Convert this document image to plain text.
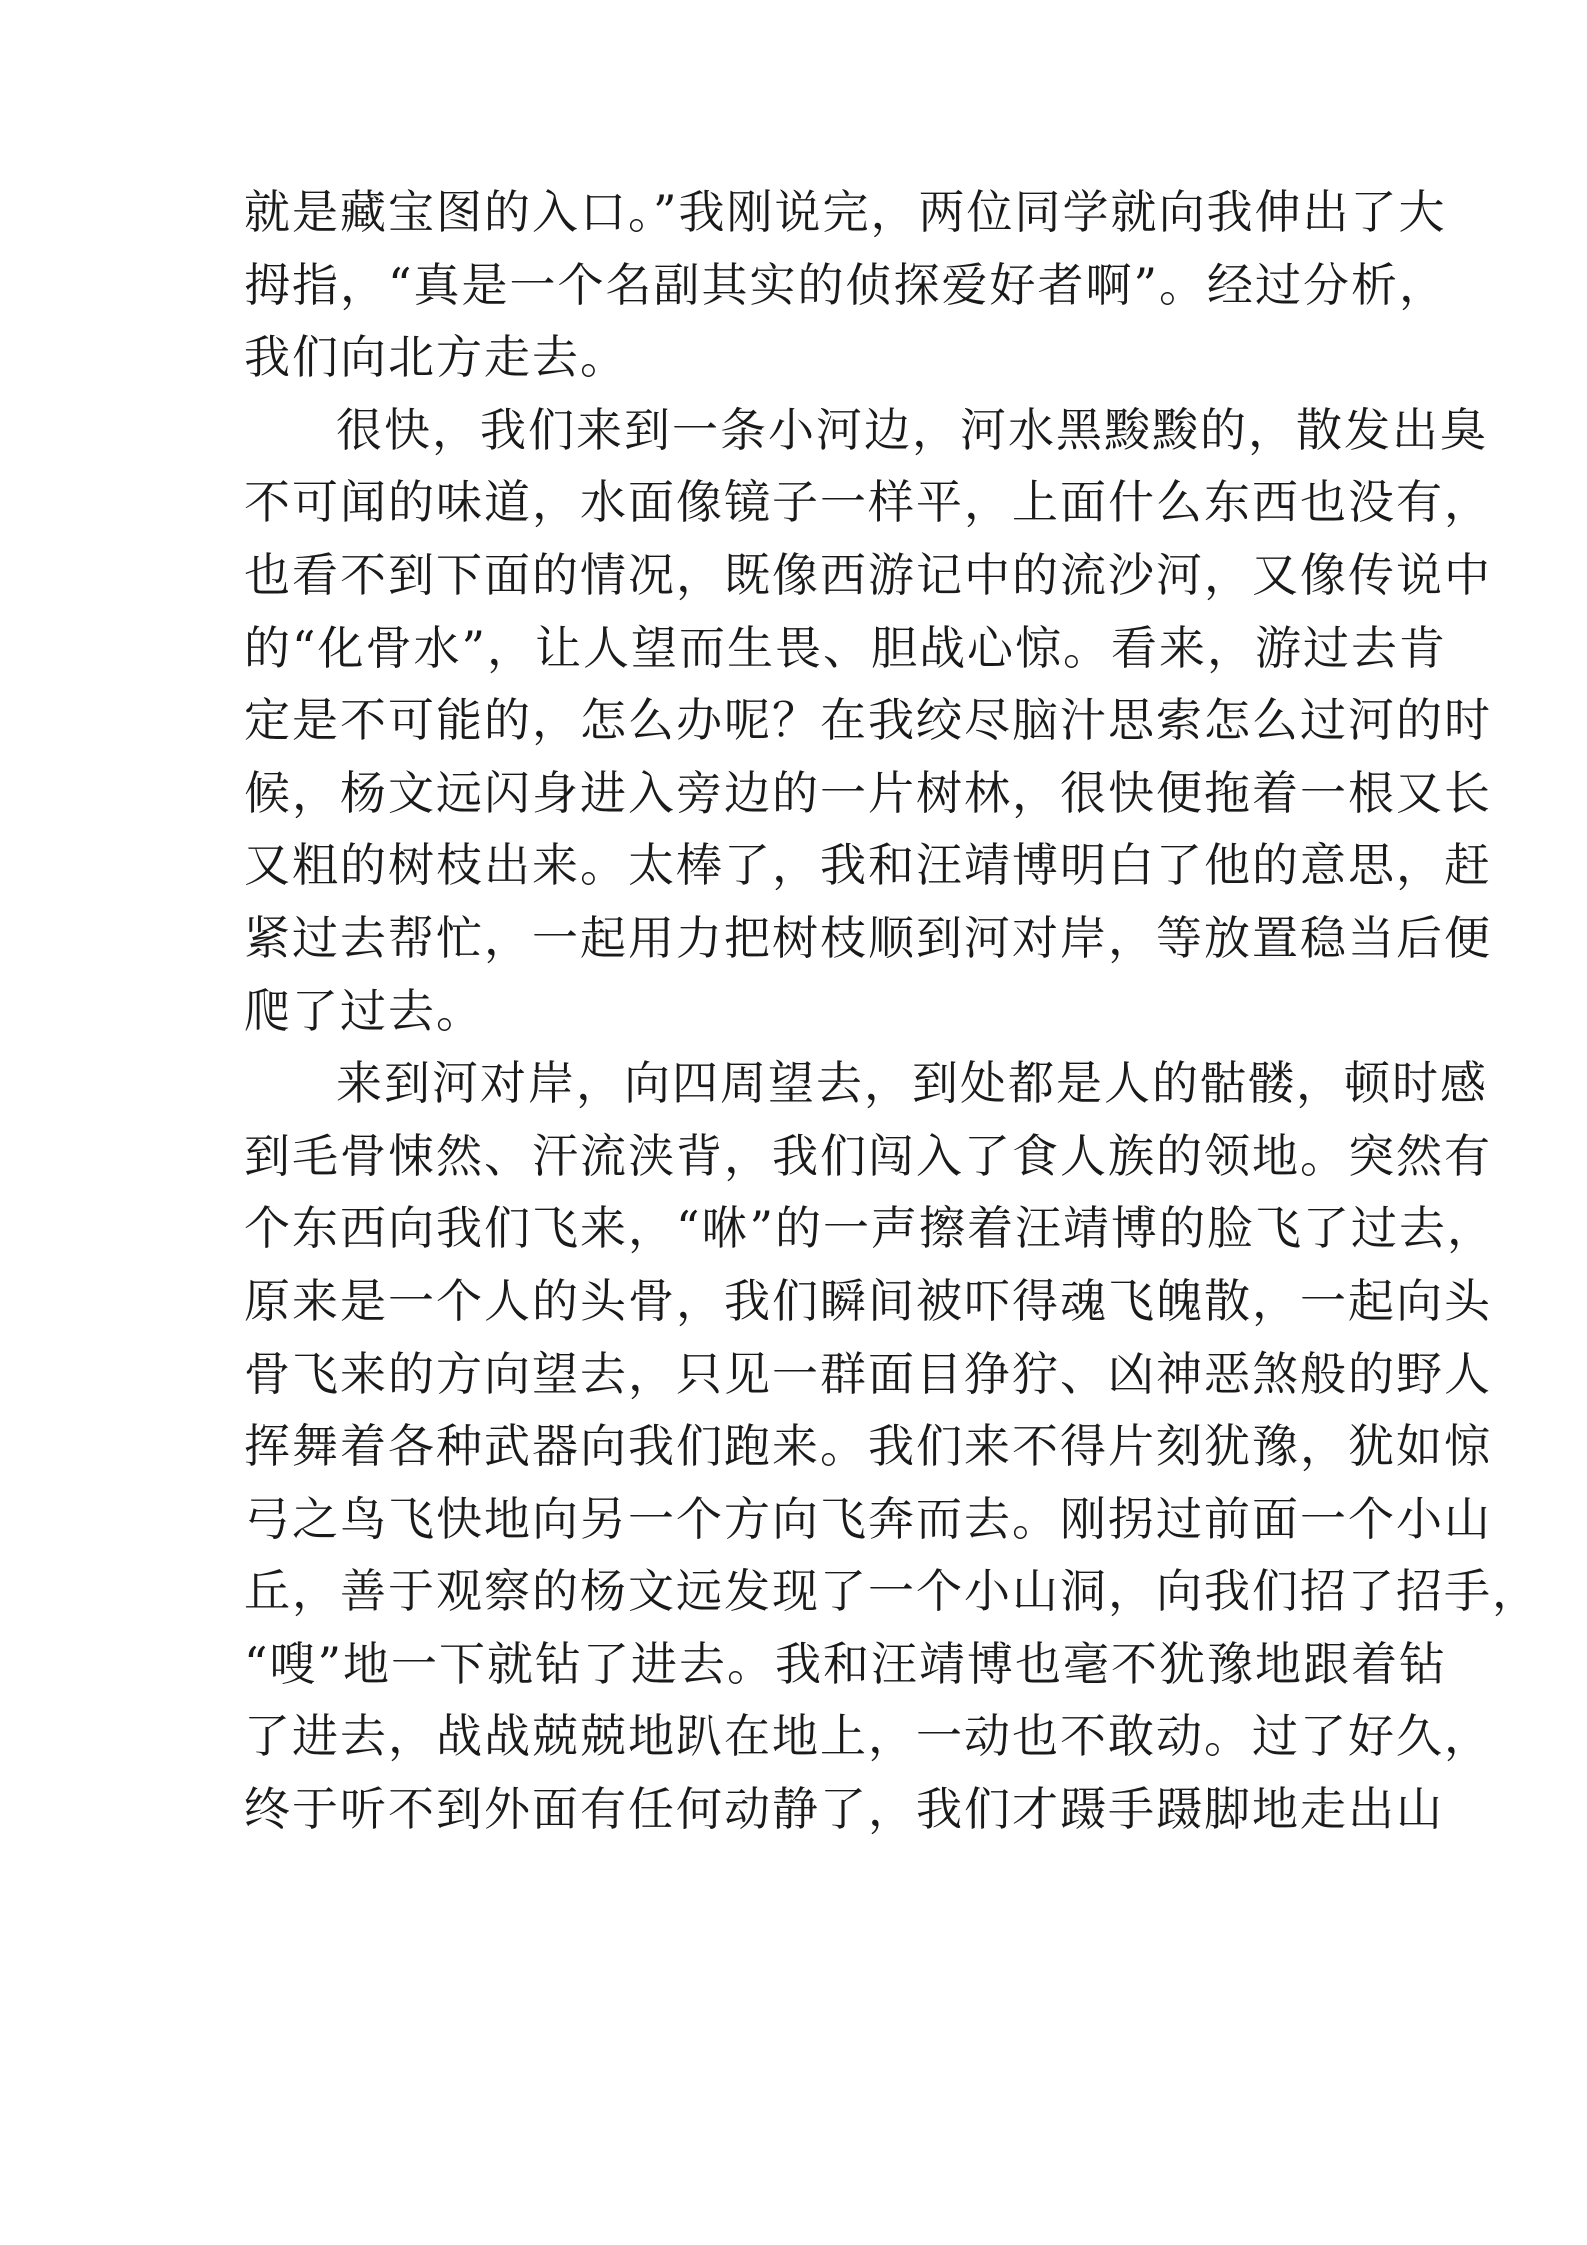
就是藏宝图的入口。”我刚说完，两位同学就向我伸出了大
拇指，“真是一个名副其实的侦探爱好者啊”。经过分析，
我们向北方走去。
很快，我们来到一条小河边，河水黑黢黢的，散发出臭
不可闻的味道，水面像镜子一样平，上面什么东西也没有，
也看不到下面的情况，既像西游记中的流沙河，又像传说中
的“化骨水”，让人望而生畏、胆战心惊。看来，游过去肯
定是不可能的，怎么办呢？在我绞尽脑汁思索怎么过河的时
候，杨文远闪身进入旁边的一片树林，很快便拖着一根又长
又粗的树枝出来。太棒了，我和汪靖博明白了他的意思，赶
紧过去帮忙，一起用力把树枝顺到河对岸，等放置稳当后便
爬了过去。
来到河对岸，向四周望去，到处都是人的骷髅，顿时感
到毛骨悚然、汗流浃背，我们闯入了食人族的领地。突然有
个东西向我们飞来，“咻”的一声擦着汪靖博的脸飞了过去，
原来是一个人的头骨，我们瞬间被吓得魂飞魄散，一起向头
骨飞来的方向望去，只见一群面目狰狞、凶神恶煞般的野人
挥舞着各种武器向我们跑来。我们来不得片刻犹豫，犹如惊
弓之鸟飞快地向另一个方向飞奔而去。刚拐过前面一个小山
丘，善于观察的杨文远发现了一个小山洞，向我们招了招手，
“嗖”地一下就钻了进去。我和汪靖博也毫不犹豫地跟着钻
了进去，战战兢兢地趴在地上，一动也不敢动。过了好久，
终于听不到外面有任何动静了，我们才蹑手蹑脚地走出山
